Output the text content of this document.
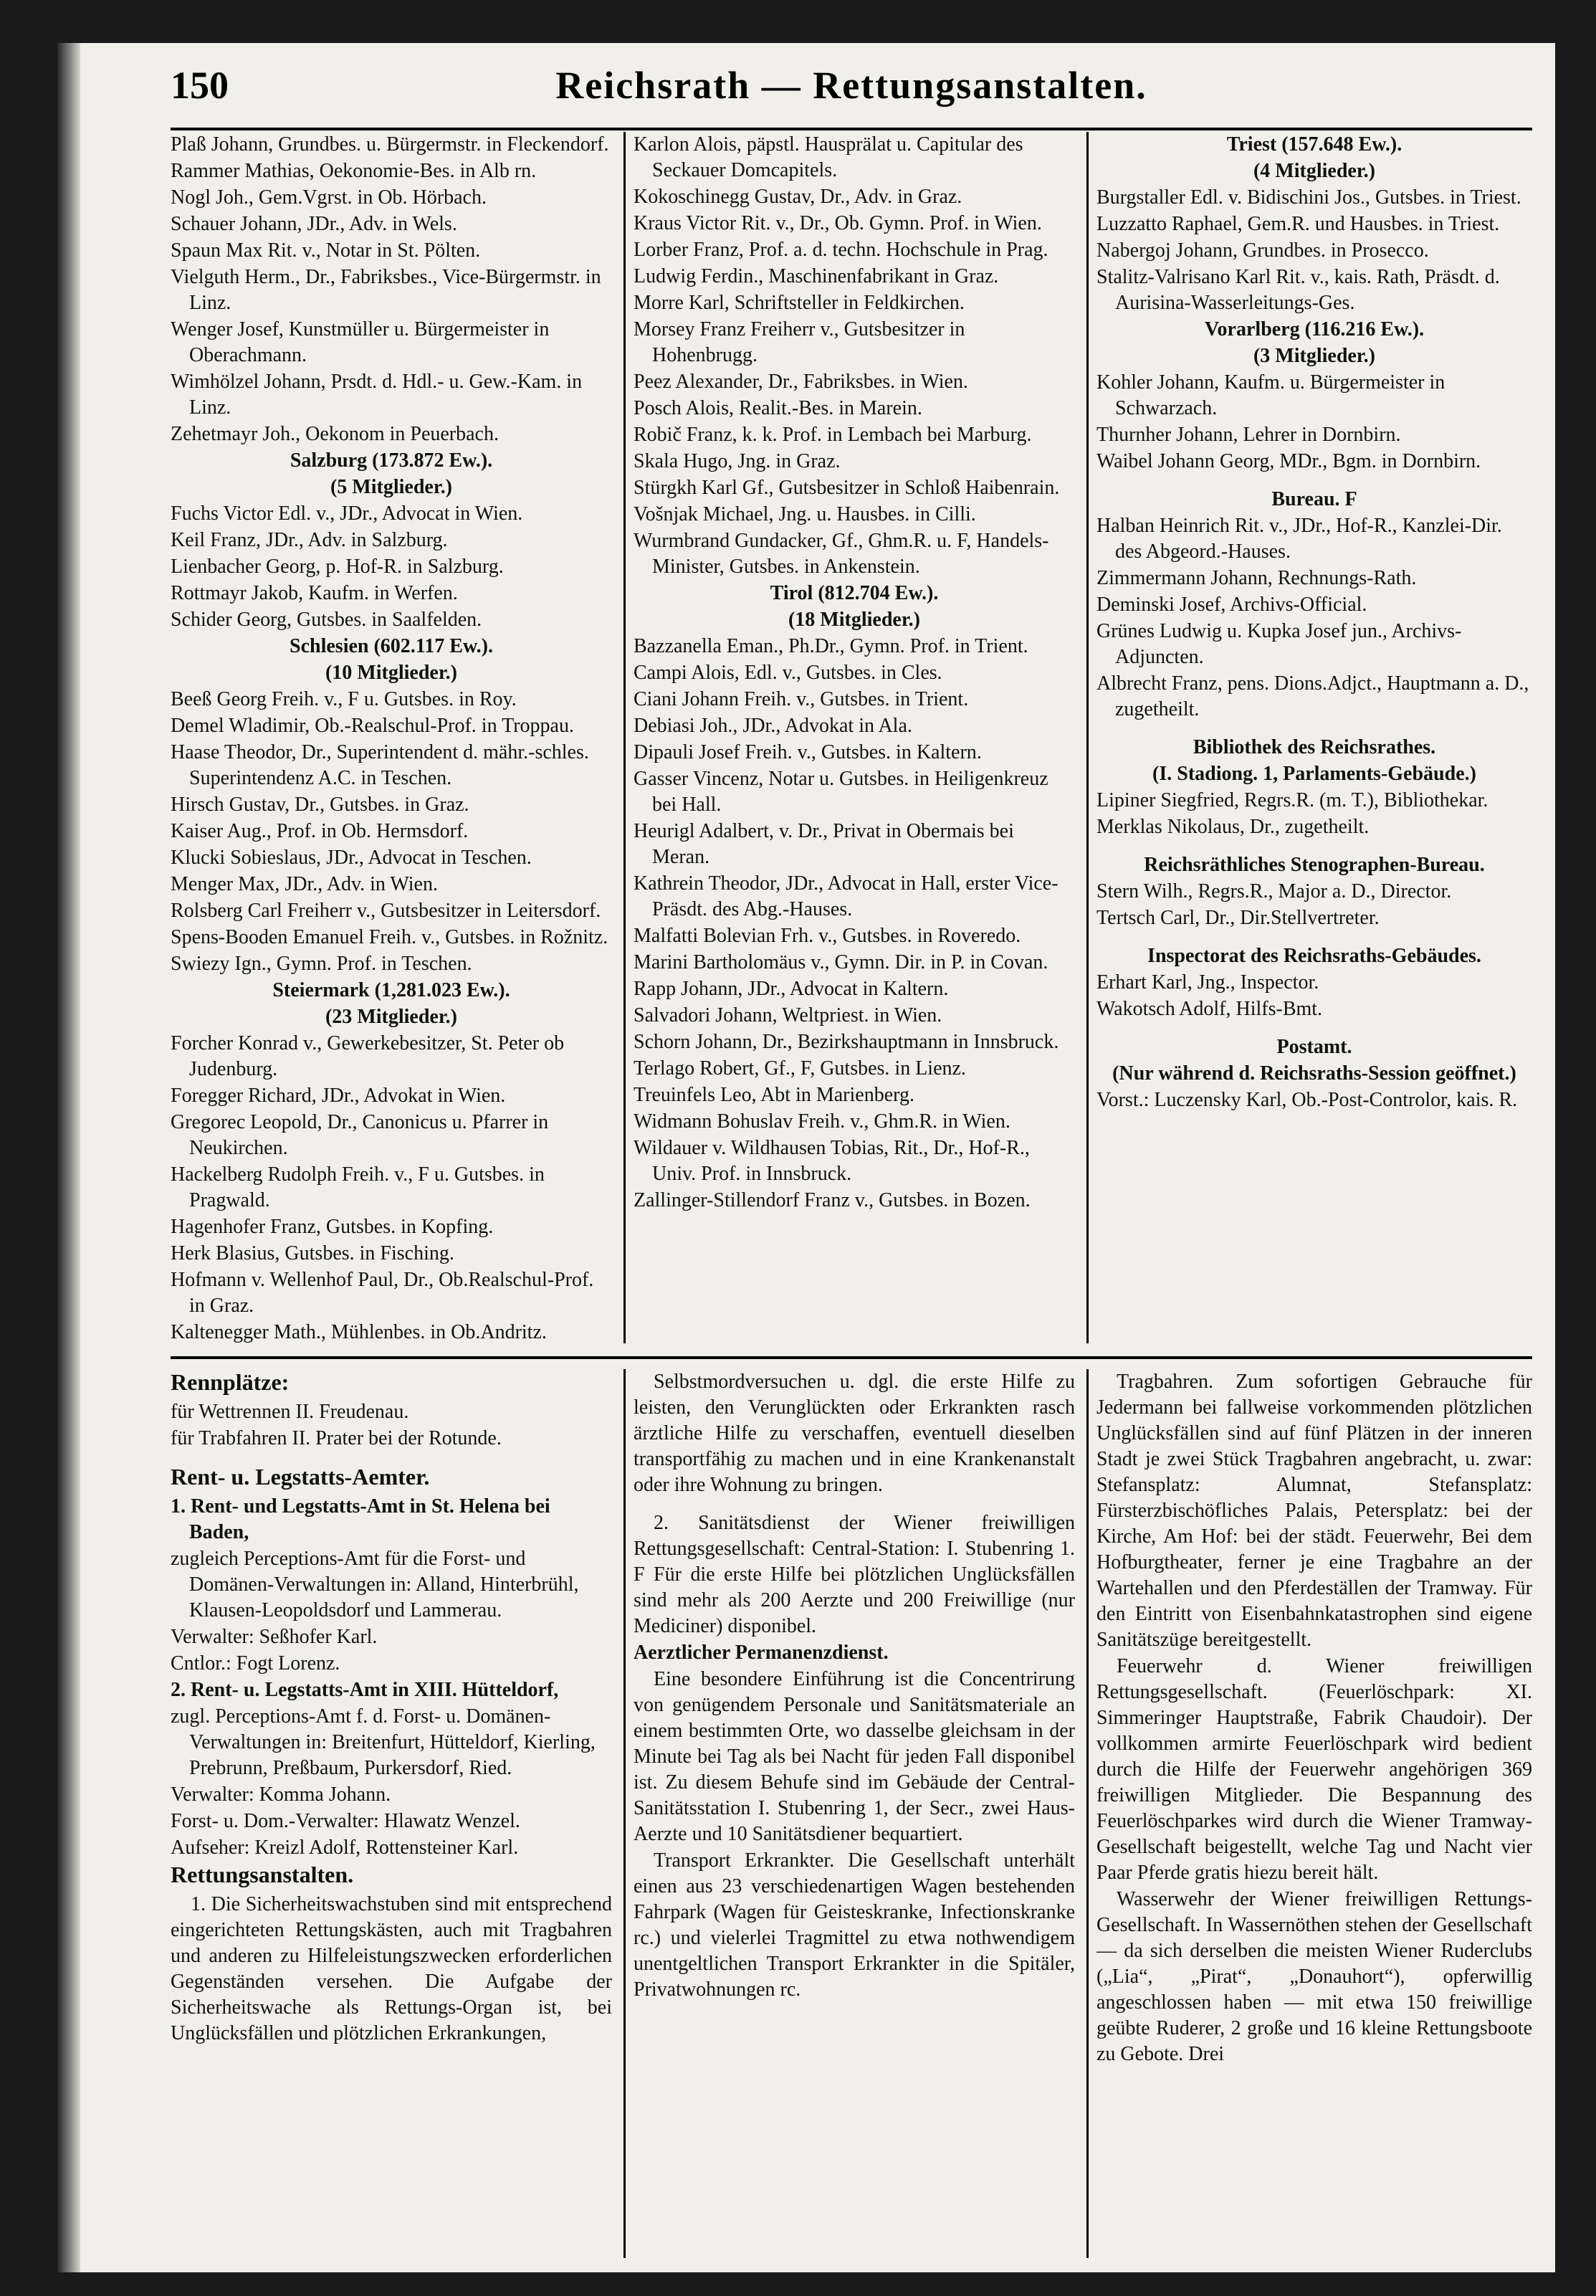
150	Reichsrath — Rettungsanstalten.

Plaß Johann, Grundbes. u. Bürgermstr. in Fleckendorf.

Rammer Mathias, Oekonomie-Bes. in Alb rn.

Nogl Joh., Gem.Vgrst. in Ob. Hörbach.

Schauer Johann, JDr., Adv. in Wels.

Spaun Max Rit. v., Notar in St. Pölten.

Vielguth Herm., Dr., Fabriksbes., Vice-Bürgermstr. in Linz.

Wenger Josef, Kunstmüller u. Bürgermeister in Oberachmann.

Wimhölzel Johann, Prsdt. d. Hdl.- u. Gew.-Kam. in Linz.

Zehetmayr Joh., Oekonom in Peuerbach.

Salzburg (173.872 Ew.).

(5 Mitglieder.)

Fuchs Victor Edl. v., JDr., Advocat in Wien.

Keil Franz, JDr., Adv. in Salzburg.

Lienbacher Georg, p. Hof-R. in Salzburg.

Rottmayr Jakob, Kaufm. in Werfen.

Schider Georg, Gutsbes. in Saalfelden.

Schlesien (602.117 Ew.).

(10 Mitglieder.)

Beeß Georg Freih. v., F u. Gutsbes. in Roy.

Demel Wladimir, Ob.-Realschul-Prof. in Troppau.

Haase Theodor, Dr., Superintendent d. mähr.-schles. Superintendenz A.C. in Teschen.

Hirsch Gustav, Dr., Gutsbes. in Graz.

Kaiser Aug., Prof. in Ob. Hermsdorf.

Klucki Sobieslaus, JDr., Advocat in Teschen.

Menger Max, JDr., Adv. in Wien.

Rolsberg Carl Freiherr v., Gutsbesitzer in Leitersdorf.

Spens-Booden Emanuel Freih. v., Gutsbes. in Rožnitz.

Swiezy Ign., Gymn. Prof. in Teschen.

Steiermark (1,281.023 Ew.).

(23 Mitglieder.)

Forcher Konrad v., Gewerkebesitzer, St. Peter ob Judenburg.

Foregger Richard, JDr., Advokat in Wien.

Gregorec Leopold, Dr., Canonicus u. Pfarrer in Neukirchen.

Hackelberg Rudolph Freih. v., F u. Gutsbes. in Pragwald.

Hagenhofer Franz, Gutsbes. in Kopfing.

Herk Blasius, Gutsbes. in Fisching.

Hofmann v. Wellenhof Paul, Dr., Ob.Realschul-Prof. in Graz.

Kaltenegger Math., Mühlenbes. in Ob.Andritz.

Karlon Alois, päpstl. Hausprälat u. Capitular des Seckauer Domcapitels.

Kokoschinegg Gustav, Dr., Adv. in Graz.

Kraus Victor Rit. v., Dr., Ob. Gymn. Prof. in Wien.

Lorber Franz, Prof. a. d. techn. Hochschule in Prag.

Ludwig Ferdin., Maschinenfabrikant in Graz.

Morre Karl, Schriftsteller in Feldkirchen.

Morsey Franz Freiherr v., Gutsbesitzer in Hohenbrugg.

Peez Alexander, Dr., Fabriksbes. in Wien.

Posch Alois, Realit.-Bes. in Marein.

Robič Franz, k. k. Prof. in Lembach bei Marburg.

Skala Hugo, Jng. in Graz.

Stürgkh Karl Gf., Gutsbesitzer in Schloß Haibenrain.

Vošnjak Michael, Jng. u. Hausbes. in Cilli.

Wurmbrand Gundacker, Gf., Ghm.R. u. F, Handels-Minister, Gutsbes. in Ankenstein.

Tirol (812.704 Ew.).

(18 Mitglieder.)

Bazzanella Eman., Ph.Dr., Gymn. Prof. in Trient.

Campi Alois, Edl. v., Gutsbes. in Cles.

Ciani Johann Freih. v., Gutsbes. in Trient.

Debiasi Joh., JDr., Advokat in Ala.

Dipauli Josef Freih. v., Gutsbes. in Kaltern.

Gasser Vincenz, Notar u. Gutsbes. in Heiligenkreuz bei Hall.

Heurigl Adalbert, v. Dr., Privat in Obermais bei Meran.

Kathrein Theodor, JDr., Advocat in Hall, erster Vice-Präsdt. des Abg.-Hauses.

Malfatti Bolevian Frh. v., Gutsbes. in Roveredo.

Marini Bartholomäus v., Gymn. Dir. in P. in Covan.

Rapp Johann, JDr., Advocat in Kaltern.

Salvadori Johann, Weltpriest. in Wien.

Schorn Johann, Dr., Bezirkshauptmann in Innsbruck.

Terlago Robert, Gf., F, Gutsbes. in Lienz.

Treuinfels Leo, Abt in Marienberg.

Widmann Bohuslav Freih. v., Ghm.R. in Wien.

Wildauer v. Wildhausen Tobias, Rit., Dr., Hof-R., Univ. Prof. in Innsbruck.

Zallinger-Stillendorf Franz v., Gutsbes. in Bozen.

Triest (157.648 Ew.).

(4 Mitglieder.)

Burgstaller Edl. v. Bidischini Jos., Gutsbes. in Triest.

Luzzatto Raphael, Gem.R. und Hausbes. in Triest.

Nabergoj Johann, Grundbes. in Prosecco.

Stalitz-Valrisano Karl Rit. v., kais. Rath, Präsdt. d. Aurisina-Wasserleitungs-Ges.

Vorarlberg (116.216 Ew.).

(3 Mitglieder.)

Kohler Johann, Kaufm. u. Bürgermeister in Schwarzach.

Thurnher Johann, Lehrer in Dornbirn.

Waibel Johann Georg, MDr., Bgm. in Dornbirn.

Bureau. F

Halban Heinrich Rit. v., JDr., Hof-R., Kanzlei-Dir. des Abgeord.-Hauses.

Zimmermann Johann, Rechnungs-Rath.

Deminski Josef, Archivs-Official.

Grünes Ludwig u. Kupka Josef jun., Archivs-Adjuncten.

Albrecht Franz, pens. Dions.Adjct., Hauptmann a. D., zugetheilt.

Bibliothek des Reichsrathes.

(I. Stadiong. 1, Parlaments-Gebäude.)

Lipiner Siegfried, Regrs.R. (m. T.), Bibliothekar.

Merklas Nikolaus, Dr., zugetheilt.

Reichsräthliches Stenographen-Bureau.

Stern Wilh., Regrs.R., Major a. D., Director.

Tertsch Carl, Dr., Dir.Stellvertreter.

Inspectorat des Reichsraths-Gebäudes.

Erhart Karl, Jng., Inspector.

Wakotsch Adolf, Hilfs-Bmt.

Postamt.

(Nur während d. Reichsraths-Session geöffnet.)

Vorst.: Luczensky Karl, Ob.-Post-Controlor, kais. R.

Rennplätze:

für Wettrennen II. Freudenau.

für Trabfahren II. Prater bei der Rotunde.

Rent- u. Legstatts-Aemter.

1. Rent- und Legstatts-Amt in St. Helena bei Baden,

zugleich Perceptions-Amt für die Forst- und Domänen-Verwaltungen in: Alland, Hinterbrühl, Klausen-Leopoldsdorf und Lammerau.

Verwalter: Seßhofer Karl.

Cntlor.: Fogt Lorenz.

2. Rent- u. Legstatts-Amt in XIII. Hütteldorf,

zugl. Perceptions-Amt f. d. Forst- u. Domänen-Verwaltungen in: Breitenfurt, Hütteldorf, Kierling, Prebrunn, Preßbaum, Purkersdorf, Ried.

Verwalter: Komma Johann.

Forst- u. Dom.-Verwalter: Hlawatz Wenzel.

Aufseher: Kreizl Adolf, Rottensteiner Karl.

Rettungsanstalten.

1. Die Sicherheitswachstuben sind mit entsprechend eingerichteten Rettungskästen, auch mit Tragbahren und anderen zu Hilfeleistungszwecken erforderlichen Gegenständen versehen. Die Aufgabe der Sicherheitswache als Rettungs-Organ ist, bei Unglücksfällen und plötzlichen Erkrankungen,

Selbstmordversuchen u. dgl. die erste Hilfe zu leisten, den Verunglückten oder Erkrankten rasch ärztliche Hilfe zu verschaffen, eventuell dieselben transportfähig zu machen und in eine Krankenanstalt oder ihre Wohnung zu bringen.

2. Sanitätsdienst der Wiener freiwilligen Rettungsgesellschaft: Central-Station: I. Stubenring 1. F Für die erste Hilfe bei plötzlichen Unglücksfällen sind mehr als 200 Aerzte und 200 Freiwillige (nur Mediciner) disponibel.

Aerztlicher Permanenzdienst.

Eine besondere Einführung ist die Concentrirung von genügendem Personale und Sanitätsmateriale an einem bestimmten Orte, wo dasselbe gleichsam in der Minute bei Tag als bei Nacht für jeden Fall disponibel ist. Zu diesem Behufe sind im Gebäude der Central-Sanitätsstation I. Stubenring 1, der Secr., zwei Haus-Aerzte und 10 Sanitätsdiener bequartiert.

Transport Erkrankter. Die Gesellschaft unterhält einen aus 23 verschiedenartigen Wagen bestehenden Fahrpark (Wagen für Geisteskranke, Infectionskranke rc.) und vielerlei Tragmittel zu etwa nothwendigem unentgeltlichen Transport Erkrankter in die Spitäler, Privatwohnungen rc.

Tragbahren. Zum sofortigen Gebrauche für Jedermann bei fallweise vorkommenden plötzlichen Unglücksfällen sind auf fünf Plätzen in der inneren Stadt je zwei Stück Tragbahren angebracht, u. zwar: Stefansplatz: Alumnat, Stefansplatz: Fürsterzbischöfliches Palais, Petersplatz: bei der Kirche, Am Hof: bei der städt. Feuerwehr, Bei dem Hofburgtheater, ferner je eine Tragbahre an der Wartehallen und den Pferdeställen der Tramway. Für den Eintritt von Eisenbahnkatastrophen sind eigene Sanitätszüge bereitgestellt.

Feuerwehr d. Wiener freiwilligen Rettungsgesellschaft. (Feuerlöschpark: XI. Simmeringer Hauptstraße, Fabrik Chaudoir). Der vollkommen armirte Feuerlöschpark wird bedient durch die Hilfe der Feuerwehr angehörigen 369 freiwilligen Mitglieder. Die Bespannung des Feuerlöschparkes wird durch die Wiener Tramway-Gesellschaft beigestellt, welche Tag und Nacht vier Paar Pferde gratis hiezu bereit hält.

Wasserwehr der Wiener freiwilligen Rettungs-Gesellschaft. In Wassernöthen stehen der Gesellschaft — da sich derselben die meisten Wiener Ruderclubs („Lia“, „Pirat“, „Donauhort“), opferwillig angeschlossen haben — mit etwa 150 freiwillige geübte Ruderer, 2 große und 16 kleine Rettungsboote zu Gebote. Drei
